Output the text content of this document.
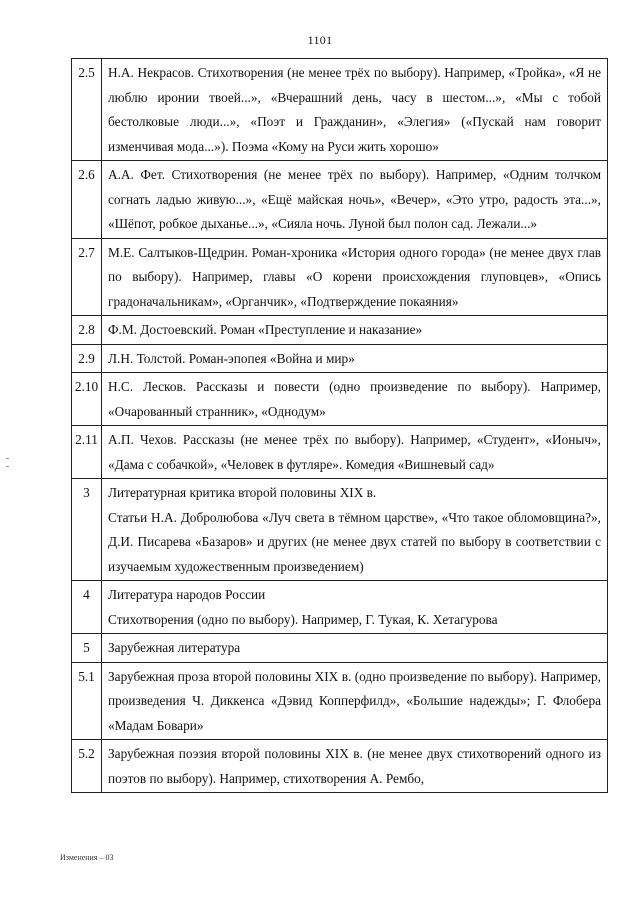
1101
2.5	Н.А. Некрасов. Стихотворения (не менее трёх по выбору). Например, «Тройка», «Я не люблю иронии твоей...», «Вчерашний день, часу в шестом...», «Мы с тобой бестолковые люди...», «Поэт и Гражданин», «Элегия» («Пускай нам говорит изменчивая мода...»). Поэма «Кому на Руси жить хорошо»

2.6	А.А. Фет. Стихотворения (не менее трёх по выбору). Например, «Одним толчком согнать ладью живую...», «Ещё майская ночь», «Вечер», «Это утро, радость эта...», «Шёпот, робкое дыханье...», «Сияла ночь. Луной был полон сад. Лежали...»

2.7	М.Е. Салтыков-Щедрин. Роман-хроника «История одного города» (не менее двух глав по выбору). Например, главы «О корени происхождения глуповцев», «Опись градоначальникам», «Органчик», «Подтверждение покаяния»

2.8	Ф.М. Достоевский. Роман «Преступление и наказание»

2.9	Л.Н. Толстой. Роман-эпопея «Война и мир»

2.10	Н.С. Лесков. Рассказы и повести (одно произведение по выбору). Например, «Очарованный странник», «Однодум»

2.11	А.П. Чехов. Рассказы (не менее трёх по выбору). Например, «Студент», «Ионыч», «Дама с собачкой», «Человек в футляре». Комедия «Вишневый сад»

3	Литературная критика второй половины XIX в.
Статьи Н.А. Добролюбова «Луч света в тёмном царстве», «Что такое обломовщина?», Д.И. Писарева «Базаров» и других (не менее двух статей по выбору в соответствии с изучаемым художественным произведением)

4	Литература народов России
Стихотворения (одно по выбору). Например, Г. Тукая, К. Хетагурова

5	Зарубежная литература

5.1	Зарубежная проза второй половины XIX в. (одно произведение по выбору). Например, произведения Ч. Диккенса «Дэвид Копперфилд», «Большие надежды»; Г. Флобера «Мадам Бовари»

5.2	Зарубежная поэзия второй половины XIX в. (не менее двух стихотворений одного из поэтов по выбору). Например, стихотворения А. Рембо,
Изменения – 03
